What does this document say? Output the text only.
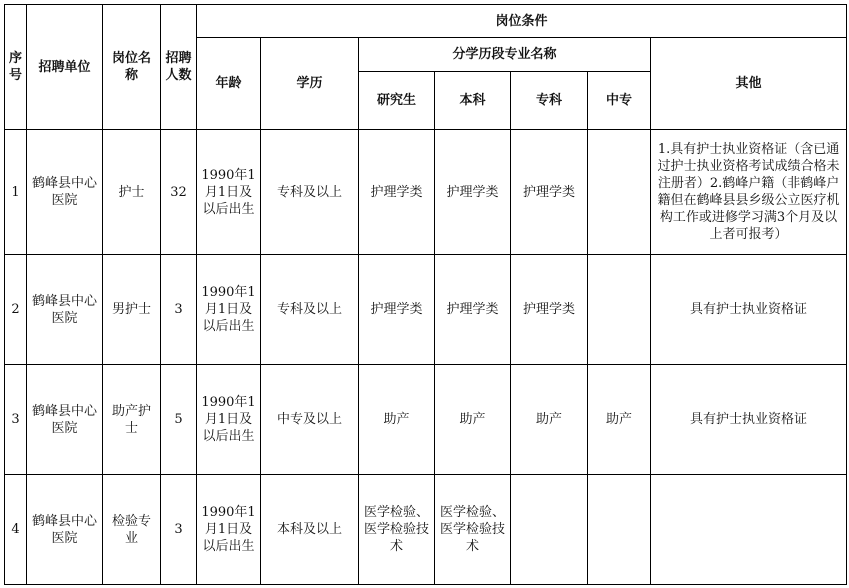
序号	招聘单位	岗位名称	招聘人数	岗位条件						
				年龄	学历	分学历段专业名称				其他
						研究生	本科	专科	中专	
1	鹤峰县中心医院	护士	32	1990年1月1日及以后出生	专科及以上	护理学类	护理学类	护理学类		1.具有护士执业资格证（含已通过护士执业资格考试成绩合格未注册者）2.鹤峰户籍（非鹤峰户籍但在鹤峰县县乡级公立医疗机构工作或进修学习满3个月及以上者可报考）
2	鹤峰县中心医院	男护士	3	1990年1月1日及以后出生	专科及以上	护理学类	护理学类	护理学类		具有护士执业资格证
3	鹤峰县中心医院	助产护士	5	1990年1月1日及以后出生	中专及以上	助产	助产	助产	助产	具有护士执业资格证
4	鹤峰县中心医院	检验专业	3	1990年1月1日及以后出生	本科及以上	医学检验、医学检验技术	医学检验、医学检验技术			
